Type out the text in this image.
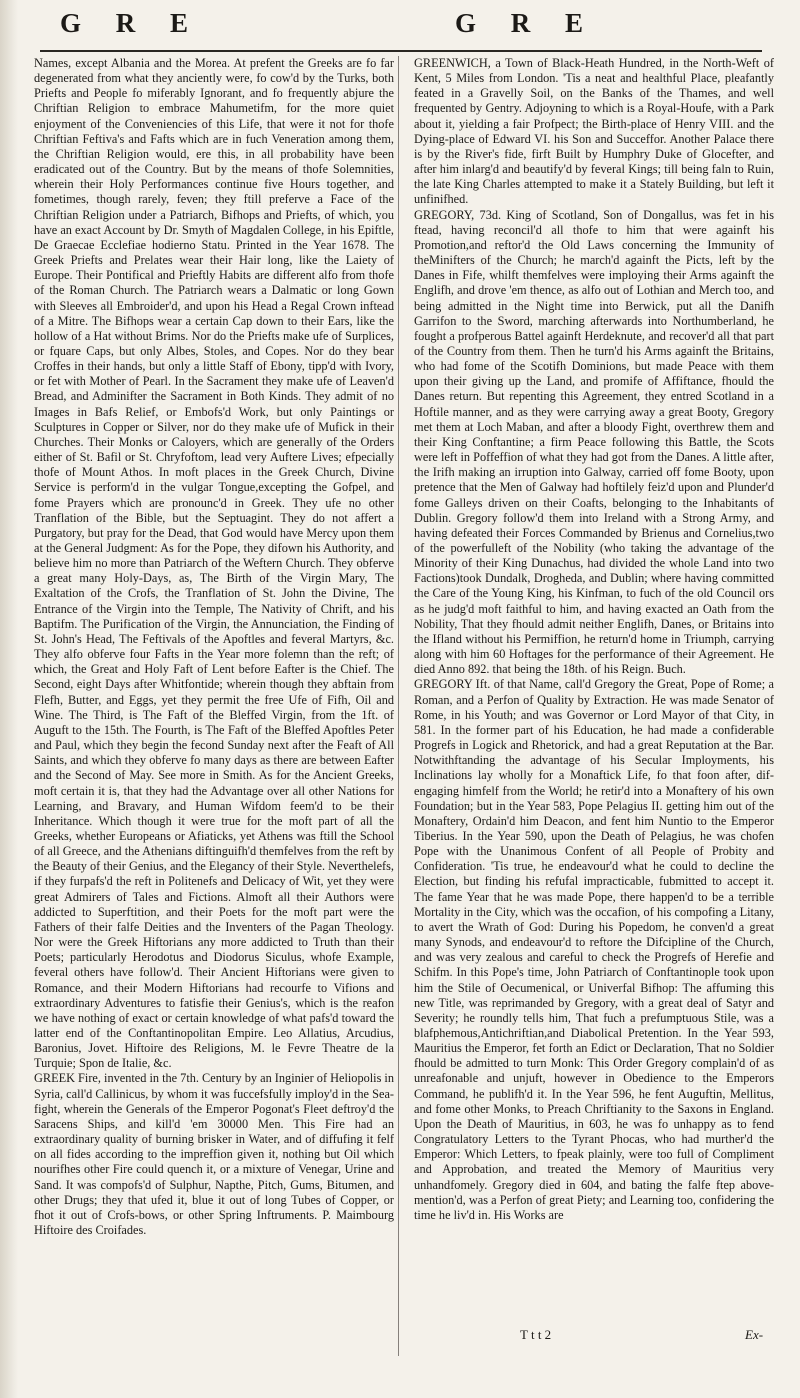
G R E	G R E

Names, except Albania and the Morea. At prefent the Greeks are fo far degenerated from what they anciently were, fo cow'd by the Turks, both Priefts and People fo miferably Ignorant, and fo frequently abjure the Chriftian Religion to embrace Mahumetifm, for the more quiet enjoyment of the Conveniencies of this Life, that were it not for thofe Chriftian Feftiva's and Fafts which are in fuch Veneration among them, the Chriftian Religion would, ere this, in all probability have been eradicated out of the Country. But by the means of thofe Solemnities, wherein their Holy Performances continue five Hours together, and fometimes, though rarely, feven; they ftill preferve a Face of the Chriftian Religion under a Patriarch, Bifhops and Priefts, of which, you have an exact Account by Dr. Smyth of Magdalen College, in his Epiftle, De Graecae Ecclefiae hodierno Statu. Printed in the Year 1678. The Greek Priefts and Prelates wear their Hair long, like the Laiety of Europe. Their Pontifical and Prieftly Habits are different alfo from thofe of the Roman Church. The Patriarch wears a Dalmatic or long Gown with Sleeves all Embroider'd, and upon his Head a Regal Crown inftead of a Mitre. The Bifhops wear a certain Cap down to their Ears, like the hollow of a Hat without Brims. Nor do the Priefts make ufe of Surplices, or fquare Caps, but only Albes, Stoles, and Copes. Nor do they bear Croffes in their hands, but only a little Staff of Ebony, tipp'd with Ivory, or fet with Mother of Pearl. In the Sacrament they make ufe of Leaven'd Bread, and Adminifter the Sacrament in Both Kinds. They admit of no Images in Bafs Relief, or Embofs'd Work, but only Paintings or Sculptures in Copper or Silver, nor do they make ufe of Mufick in their Churches. Their Monks or Caloyers, which are generally of the Orders either of St. Bafil or St. Chryfoftom, lead very Auftere Lives; efpecially thofe of Mount Athos. In moft places in the Greek Church, Divine Service is perform'd in the vulgar Tongue,excepting the Gofpel, and fome Prayers which are pronounc'd in Greek. They ufe no other Tranflation of the Bible, but the Septuagint. They do not affert a Purgatory, but pray for the Dead, that God would have Mercy upon them at the General Judgment: As for the Pope, they difown his Authority, and believe him no more than Patriarch of the Weftern Church. They obferve a great many Holy-Days, as, The Birth of the Virgin Mary, The Exaltation of the Crofs, the Tranflation of St. John the Divine, The Entrance of the Virgin into the Temple, The Nativity of Chrift, and his Baptifm. The Purification of the Virgin, the Annunciation, the Finding of St. John's Head, The Feftivals of the Apoftles and feveral Martyrs, &c. They alfo obferve four Fafts in the Year more folemn than the reft; of which, the Great and Holy Faft of Lent before Eafter is the Chief. The Second, eight Days after Whitfontide; wherein though they abftain from Flefh, Butter, and Eggs, yet they permit the free Ufe of Fifh, Oil and Wine. The Third, is The Faft of the Bleffed Virgin, from the 1ft. of Auguft to the 15th. The Fourth, is The Faft of the Bleffed Apoftles Peter and Paul, which they begin the fecond Sunday next after the Feaft of All Saints, and which they obferve fo many days as there are between Eafter and the Second of May. See more in Smith. As for the Ancient Greeks, moft certain it is, that they had the Advantage over all other Nations for Learning, and Bravary, and Human Wifdom feem'd to be their Inheritance. Which though it were true for the moft part of all the Greeks, whether Europeans or Afiaticks, yet Athens was ftill the School of all Greece, and the Athenians diftinguifh'd themfelves from the reft by the Beauty of their Genius, and the Elegancy of their Style. Neverthelefs, if they furpafs'd the reft in Politenefs and Delicacy of Wit, yet they were great Admirers of Tales and Fictions. Almoft all their Authors were addicted to Superftition, and their Poets for the moft part were the Fathers of their falfe Deities and the Inventers of the Pagan Theology. Nor were the Greek Hiftorians any more addicted to Truth than their Poets; particularly Herodotus and Diodorus Siculus, whofe Example, feveral others have follow'd. Their Ancient Hiftorians were given to Romance, and their Modern Hiftorians had recourfe to Vifions and extraordinary Adventures to fatisfie their Genius's, which is the reafon we have nothing of exact or certain knowledge of what pafs'd toward the latter end of the Conftantinopolitan Empire. Leo Allatius, Arcudius, Baronius, Jovet. Hiftoire des Religions, M. le Fevre Theatre de la Turquie; Spon de Italie, &c.

GREEK Fire, invented in the 7th. Century by an Inginier of Heliopolis in Syria, call'd Callinicus, by whom it was fuccefsfully imploy'd in the Sea-fight, wherein the Generals of the Emperor Pogonat's Fleet deftroy'd the Saracens Ships, and kill'd 'em 30000 Men. This Fire had an extraordinary quality of burning brisker in Water, and of diffufing it felf on all fides according to the impreffion given it, nothing but Oil which nourifhes other Fire could quench it, or a mixture of Venegar, Urine and Sand. It was compofs'd of Sulphur, Napthe, Pitch, Gums, Bitumen, and other Drugs; they that ufed it, blue it out of long Tubes of Copper, or fhot it out of Crofs-bows, or other Spring Inftruments. P. Maimbourg Hiftoire des Croifades.

GREENWICH, a Town of Black-Heath Hundred, in the North-Weft of Kent, 5 Miles from London. 'Tis a neat and healthful Place, pleafantly feated in a Gravelly Soil, on the Banks of the Thames, and well frequented by Gentry. Adjoyning to which is a Royal-Houfe, with a Park about it, yielding a fair Profpect; the Birth-place of Henry VIII. and the Dying-place of Edward VI. his Son and Succeffor. Another Palace there is by the River's fide, firft Built by Humphry Duke of Glocefter, and after him inlarg'd and beautify'd by feveral Kings; till being faln to Ruin, the late King Charles attempted to make it a Stately Building, but left it unfinifhed.

GREGORY, 73d. King of Scotland, Son of Dongallus, was fet in his ftead, having reconcil'd all thofe to him that were againft his Promotion,and reftor'd the Old Laws concerning the Immunity of theMinifters of the Church; he march'd againft the Picts, left by the Danes in Fife, whilft themfelves were imploying their Arms againft the Englifh, and drove 'em thence, as alfo out of Lothian and Merch too, and being admitted in the Night time into Berwick, put all the Danifh Garrifon to the Sword, marching afterwards into Northumberland, he fought a profperous Battel againft Herdeknute, and recover'd all that part of the Country from them. Then he turn'd his Arms againft the Britains, who had fome of the Scotifh Dominions, but made Peace with them upon their giving up the Land, and promife of Affiftance, fhould the Danes return. But repenting this Agreement, they entred Scotland in a Hoftile manner, and as they were carrying away a great Booty, Gregory met them at Loch Maban, and after a bloody Fight, overthrew them and their King Conftantine; a firm Peace following this Battle, the Scots were left in Poffeffion of what they had got from the Danes. A little after, the Irifh making an irruption into Galway, carried off fome Booty, upon pretence that the Men of Galway had hoftilely feiz'd upon and Plunder'd fome Galleys driven on their Coafts, belonging to the Inhabitants of Dublin. Gregory follow'd them into Ireland with a Strong Army, and having defeated their Forces Commanded by Brienus and Cornelius,two of the powerfulleft of the Nobility (who taking the advantage of the Minority of their King Dunachus, had divided the whole Land into two Factions)took Dundalk, Drogheda, and Dublin; where having committed the Care of the Young King, his Kinfman, to fuch of the old Council ors as he judg'd moft faithful to him, and having exacted an Oath from the Nobility, That they fhould admit neither Englifh, Danes, or Britains into the Ifland without his Permiffion, he return'd home in Triumph, carrying along with him 60 Hoftages for the performance of their Agreement. He died Anno 892. that being the 18th. of his Reign. Buch.

GREGORY Ift. of that Name, call'd Gregory the Great, Pope of Rome; a Roman, and a Perfon of Quality by Extraction. He was made Senator of Rome, in his Youth; and was Governor or Lord Mayor of that City, in 581. In the former part of his Education, he had made a confiderable Progrefs in Logick and Rhetorick, and had a great Reputation at the Bar. Notwithftanding the advantage of his Secular Imployments, his Inclinations lay wholly for a Monaftick Life, fo that foon after, dif-engaging himfelf from the World; he retir'd into a Monaftery of his own Foundation; but in the Year 583, Pope Pelagius II. getting him out of the Monaftery, Ordain'd him Deacon, and fent him Nuntio to the Emperor Tiberius. In the Year 590, upon the Death of Pelagius, he was chofen Pope with the Unanimous Confent of all People of Probity and Confideration. 'Tis true, he endeavour'd what he could to decline the Election, but finding his refufal impracticable, fubmitted to accept it. The fame Year that he was made Pope, there happen'd to be a terrible Mortality in the City, which was the occafion, of his compofing a Litany, to avert the Wrath of God: During his Popedom, he conven'd a great many Synods, and endeavour'd to reftore the Difcipline of the Church, and was very zealous and careful to check the Progrefs of Herefie and Schifm. In this Pope's time, John Patriarch of Conftantinople took upon him the Stile of Oecumenical, or Univerfal Bifhop: The affuming this new Title, was reprimanded by Gregory, with a great deal of Satyr and Severity; he roundly tells him, That fuch a prefumptuous Stile, was a blafphemous,Antichriftian,and Diabolical Pretention. In the Year 593, Mauritius the Emperor, fet forth an Edict or Declaration, That no Soldier fhould be admitted to turn Monk: This Order Gregory complain'd of as unreafonable and unjuft, however in Obedience to the Emperors Command, he publifh'd it. In the Year 596, he fent Auguftin, Mellitus, and fome other Monks, to Preach Chriftianity to the Saxons in England. Upon the Death of Mauritius, in 603, he was fo unhappy as to fend Congratulatory Letters to the Tyrant Phocas, who had murther'd the Emperor: Which Letters, to fpeak plainly, were too full of Compliment and Approbation, and treated the Memory of Mauritius very unhandfomely. Gregory died in 604, and bating the falfe ftep above-mention'd, was a Perfon of great Piety; and Learning too, confidering the time he liv'd in. His Works are

T t t 2	Ex-
